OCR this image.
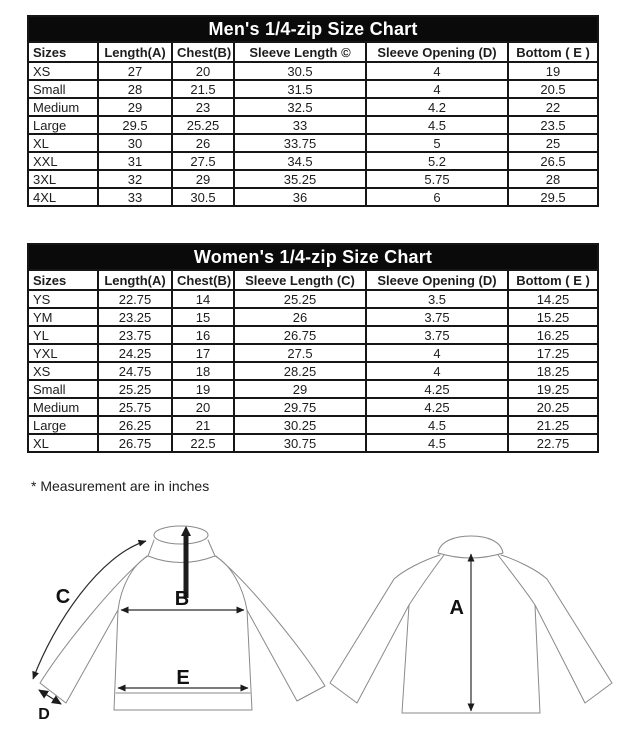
Men's 1/4-zip Size Chart					
Sizes	Length(A)	Chest(B)	Sleeve Length ©	Sleeve Opening (D)	Bottom ( E )
XS	27	20	30.5	4	19
Small	28	21.5	31.5	4	20.5
Medium	29	23	32.5	4.2	22
Large	29.5	25.25	33	4.5	23.5
XL	30	26	33.75	5	25
XXL	31	27.5	34.5	5.2	26.5
3XL	32	29	35.25	5.75	28
4XL	33	30.5	36	6	29.5
Women's 1/4-zip Size Chart					
Sizes	Length(A)	Chest(B)	Sleeve Length (C)	Sleeve Opening (D)	Bottom ( E )
YS	22.75	14	25.25	3.5	14.25
YM	23.25	15	26	3.75	15.25
YL	23.75	16	26.75	3.75	16.25
YXL	24.25	17	27.5	4	17.25
XS	24.75	18	28.25	4	18.25
Small	25.25	19	29	4.25	19.25
Medium	25.75	20	29.75	4.25	20.25
Large	26.25	21	30.25	4.5	21.25
XL	26.75	22.5	30.75	4.5	22.75

* Measurement are in inches

C	B
E
D
A
